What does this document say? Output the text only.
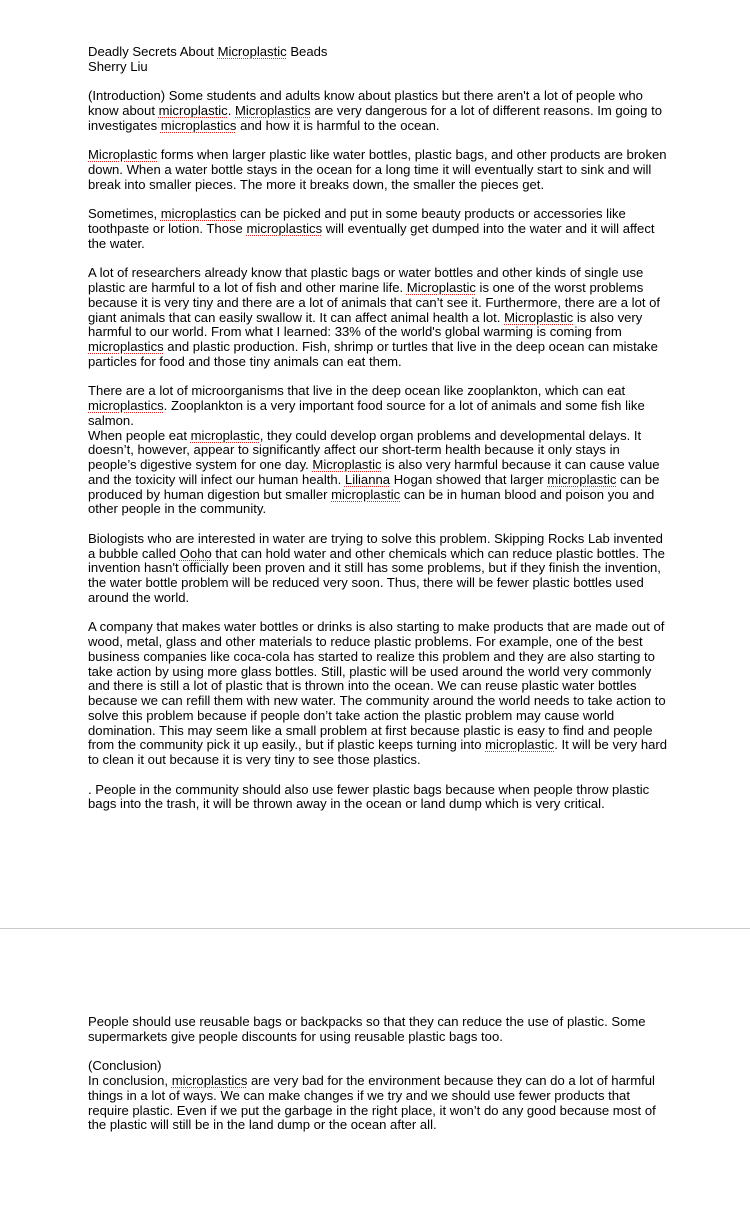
Deadly Secrets About Microplastic Beads

Sherry Liu

(Introduction) Some students and adults know about plastics but there aren't a lot of people who know about microplastic. Microplastics are very dangerous for a lot of different reasons. Im going to investigates microplastics and how it is harmful to the ocean.

Microplastic forms when larger plastic like water bottles, plastic bags, and other products are broken down. When a water bottle stays in the ocean for a long time it will eventually start to sink and will break into smaller pieces. The more it breaks down, the smaller the pieces get.

Sometimes, microplastics can be picked and put in some beauty products or accessories like toothpaste or lotion. Those microplastics will eventually get dumped into the water and it will affect the water.

A lot of researchers already know that plastic bags or water bottles and other kinds of single use plastic are harmful to a lot of fish and other marine life. Microplastic is one of the worst problems because it is very tiny and there are a lot of animals that can’t see it. Furthermore, there are a lot of giant animals that can easily swallow it. It can affect animal health a lot. Microplastic is also very harmful to our world. From what I learned: 33% of the world's global warming is coming from microplastics and plastic production. Fish, shrimp or turtles that live in the deep ocean can mistake particles for food and those tiny animals can eat them.

There are a lot of microorganisms that live in the deep ocean like zooplankton, which can eat microplastics. Zooplankton is a very important food source for a lot of animals and some fish like salmon.

When people eat microplastic, they could develop organ problems and developmental delays. It doesn’t, however, appear to significantly affect our short-term health because it only stays in people’s digestive system for one day. Microplastic is also very harmful because it can cause value and the toxicity will infect our human health. Lilianna Hogan showed that larger microplastic can be produced by human digestion but smaller microplastic can be in human blood and poison you and other people in the community.

Biologists who are interested in water are trying to solve this problem. Skipping Rocks Lab invented a bubble called Ooho that can hold water and other chemicals which can reduce plastic bottles. The invention hasn't officially been proven and it still has some problems, but if they finish the invention, the water bottle problem will be reduced very soon. Thus, there will be fewer plastic bottles used around the world.

A company that makes water bottles or drinks is also starting to make products that are made out of wood, metal, glass and other materials to reduce plastic problems. For example, one of the best business companies like coca-cola has started to realize this problem and they are also starting to take action by using more glass bottles. Still, plastic will be used around the world very commonly and there is still a lot of plastic that is thrown into the ocean. We can reuse plastic water bottles because we can refill them with new water. The community around the world needs to take action to solve this problem because if people don’t take action the plastic problem may cause world domination. This may seem like a small problem at first because plastic is easy to find and people from the community pick it up easily., but if plastic keeps turning into microplastic. It will be very hard to clean it out because it is very tiny to see those plastics.

. People in the community should also use fewer plastic bags because when people throw plastic bags into the trash, it will be thrown away in the ocean or land dump which is very critical.

People should use reusable bags or backpacks so that they can reduce the use of plastic. Some supermarkets give people discounts for using reusable plastic bags too.

(Conclusion)

In conclusion, microplastics are very bad for the environment because they can do a lot of harmful things in a lot of ways. We can make changes if we try and we should use fewer products that require plastic. Even if we put the garbage in the right place, it won’t do any good because most of the plastic will still be in the land dump or the ocean after all.
